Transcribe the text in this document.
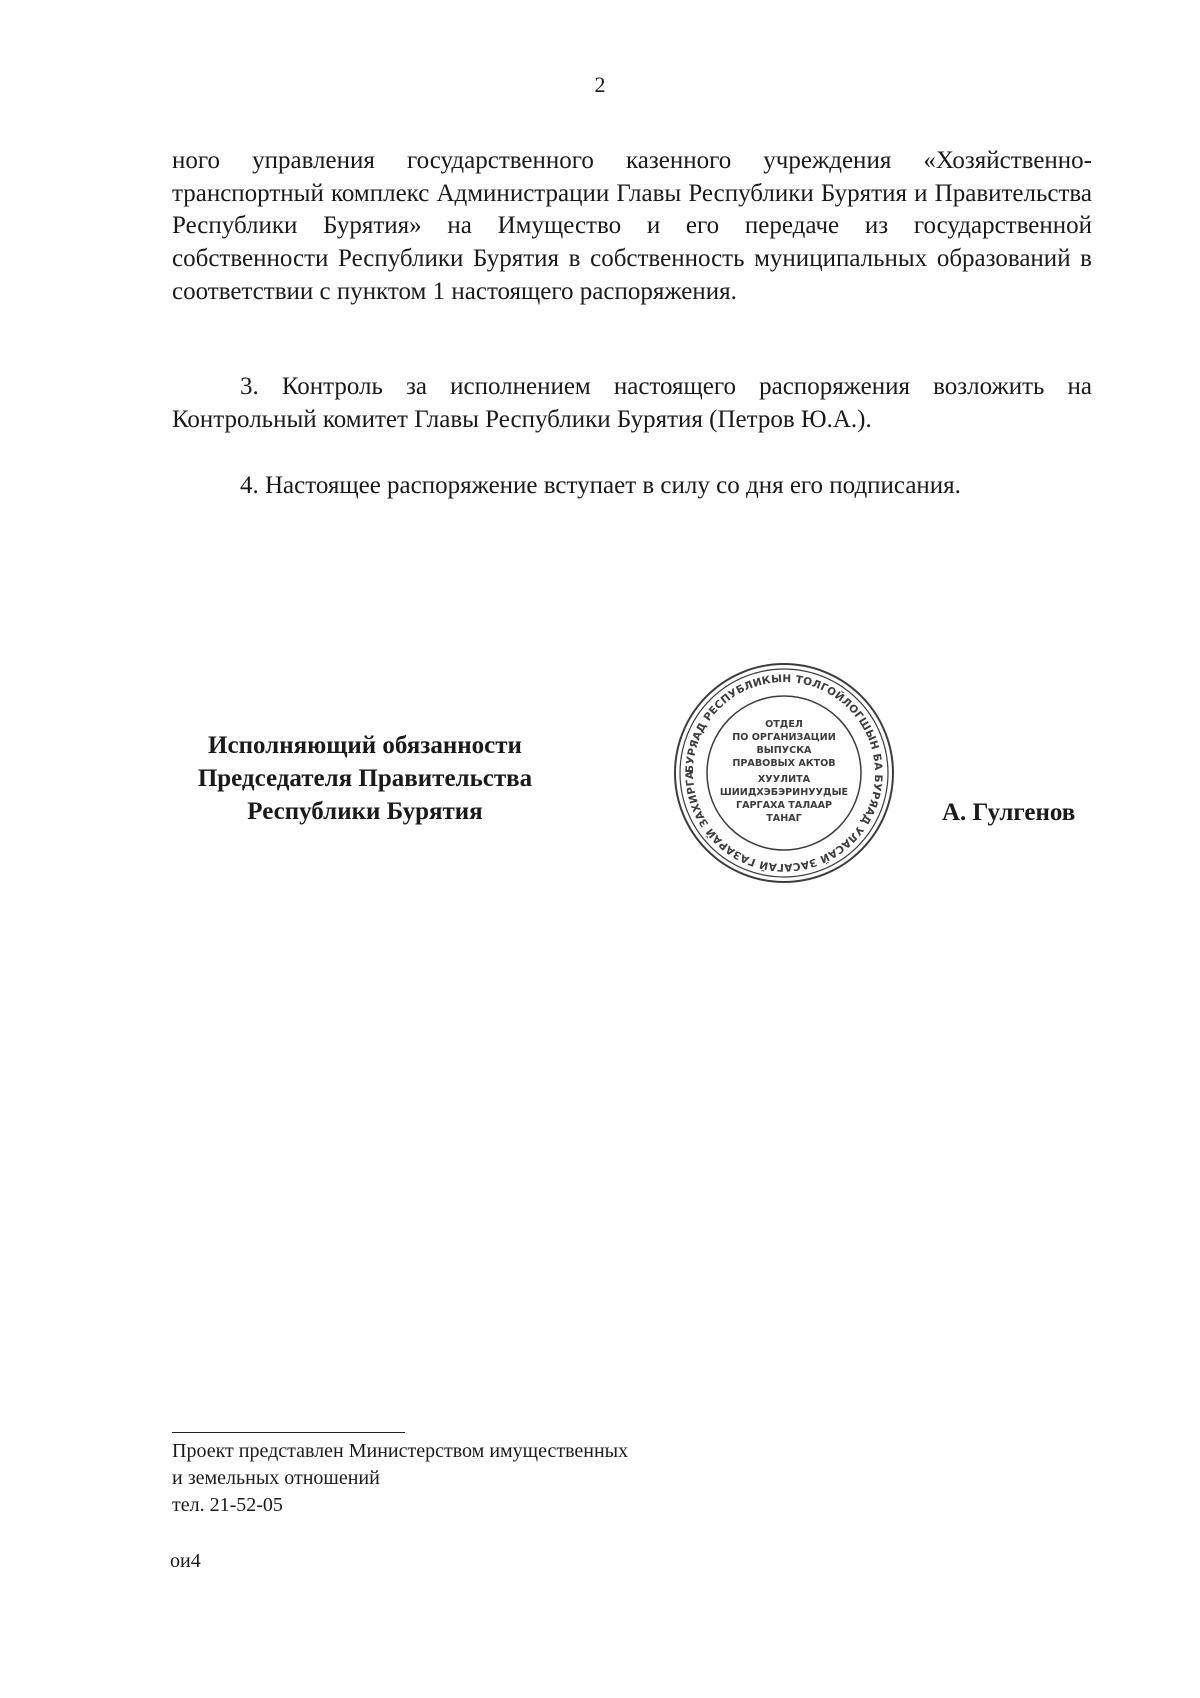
2

ного управления государственного казенного учреждения «Хозяйственно-транспортный комплекс Администрации Главы Республики Бурятия и Правительства Республики Бурятия» на Имущество и его передаче из государственной собственности Республики Бурятия в собственность муниципальных образований в соответствии с пунктом 1 настоящего распоряжения.

3. Контроль за исполнением настоящего распоряжения возложить на Контрольный комитет Главы Республики Бурятия (Петров Ю.А.).

4. Настоящее распоряжение вступает в силу со дня его подписания.

Исполняющий обязанности
Председателя Правительства
Республики Бурятия
БУРЯАД РЕСПУБЛИКЫН ТОЛГОЙЛОГШЫН БА БУРЯАД УЛАСАЙ ЗАСАГАЙ ГАЗАРАЙ ЗАХИРГА
ОТДЕЛ
ПО ОРГАНИЗАЦИИ
ВЫПУСКА
ПРАВОВЫХ АКТОВ
ХУУЛИТА
ШИИДХЭБЭРИНУУДЫЕ
ГАРГАХА ТАЛААР
ТАНАГ	А. Гулгенов
Проект представлен Министерством имущественных
и земельных отношений
тел. 21-52-05
ои4
